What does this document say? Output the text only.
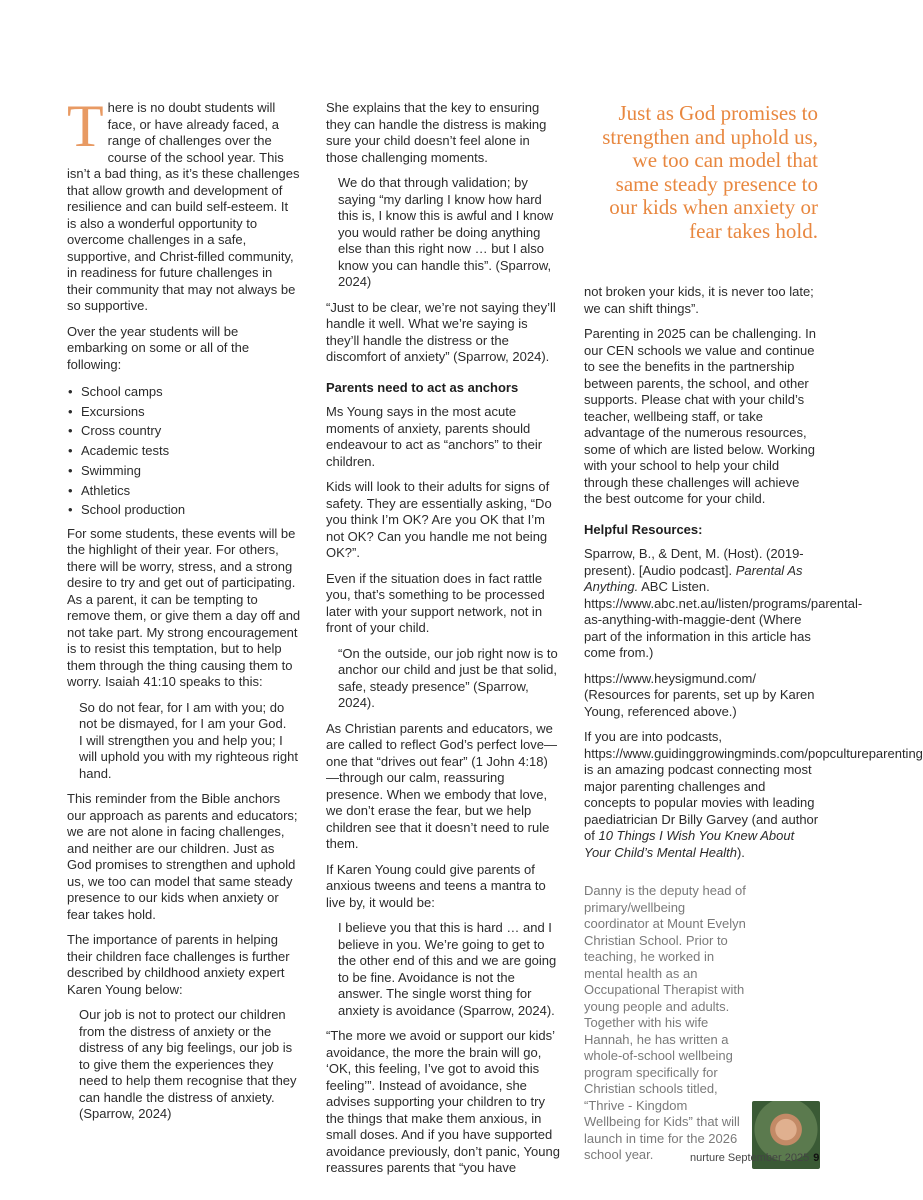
There is no doubt students will face, or have already faced, a range of challenges over the course of the school year. This isn’t a bad thing, as it’s these challenges that allow growth and development of resilience and can build self-esteem. It is also a wonderful opportunity to overcome challenges in a safe, supportive, and Christ-filled community, in readiness for future challenges in their community that may not always be so supportive.

Over the year students will be embarking on some or all of the following:

• School camps
• Excursions
• Cross country
• Academic tests
• Swimming
• Athletics
• School production

For some students, these events will be the highlight of their year. For others, there will be worry, stress, and a strong desire to try and get out of participating. As a parent, it can be tempting to remove them, or give them a day off and not take part. My strong encouragement is to resist this temptation, but to help them through the thing causing them to worry. Isaiah 41:10 speaks to this:

So do not fear, for I am with you; do not be dismayed, for I am your God.
I will strengthen you and help you; I will uphold you with my righteous right hand.

This reminder from the Bible anchors our approach as parents and educators; we are not alone in facing challenges, and neither are our children. Just as God promises to strengthen and uphold us, we too can model that same steady presence to our kids when anxiety or fear takes hold.

The importance of parents in helping their children face challenges is further described by childhood anxiety expert Karen Young below:

Our job is not to protect our children from the distress of anxiety or the distress of any big feelings, our job is to give them the experiences they need to help them recognise that they can handle the distress of anxiety. (Sparrow, 2024)

She explains that the key to ensuring they can handle the distress is making sure your child doesn’t feel alone in those challenging moments.

We do that through validation; by saying “my darling I know how hard this is, I know this is awful and I know you would rather be doing anything else than this right now … but I also know you can handle this”. (Sparrow, 2024)

“Just to be clear, we’re not saying they’ll handle it well. What we’re saying is they’ll handle the distress or the discomfort of anxiety” (Sparrow, 2024).

Parents need to act as anchors

Ms Young says in the most acute moments of anxiety, parents should endeavour to act as “anchors” to their children.

Kids will look to their adults for signs of safety. They are essentially asking, “Do you think I’m OK? Are you OK that I’m not OK? Can you handle me not being OK?”.

Even if the situation does in fact rattle you, that’s something to be processed later with your support network, not in front of your child.

“On the outside, our job right now is to anchor our child and just be that solid, safe, steady presence” (Sparrow, 2024).

As Christian parents and educators, we are called to reflect God’s perfect love—one that “drives out fear” (1 John 4:18)—through our calm, reassuring presence. When we embody that love, we don’t erase the fear, but we help children see that it doesn’t need to rule them.

If Karen Young could give parents of anxious tweens and teens a mantra to live by, it would be:

I believe you that this is hard … and I believe in you. We’re going to get to the other end of this and we are going to be fine. Avoidance is not the answer. The single worst thing for anxiety is avoidance (Sparrow, 2024).

“The more we avoid or support our kids’ avoidance, the more the brain will go, ‘OK, this feeling, I’ve got to avoid this feeling’”. Instead of avoidance, she advises supporting your children to try the things that make them anxious, in small doses. And if you have supported avoidance previously, don’t panic, Young reassures parents that “you have

Just as God promises to strengthen and uphold us, we too can model that same steady presence to our kids when anxiety or fear takes hold.

not broken your kids, it is never too late; we can shift things”.

Parenting in 2025 can be challenging. In our CEN schools we value and continue to see the benefits in the partnership between parents, the school, and other supports. Please chat with your child’s teacher, wellbeing staff, or take advantage of the numerous resources, some of which are listed below. Working with your school to help your child through these challenges will achieve the best outcome for your child.

Helpful Resources:

Sparrow, B., & Dent, M. (Host). (2019-present). [Audio podcast]. Parental As Anything. ABC Listen. https://www.abc.net.au/listen/programs/parental-as-anything-with-maggie-dent (Where part of the information in this article has come from.)

https://www.heysigmund.com/ (Resources for parents, set up by Karen Young, referenced above.)

If you are into podcasts, https://www.guidinggrowingminds.com/popcultureparenting is an amazing podcast connecting most major parenting challenges and concepts to popular movies with leading paediatrician Dr Billy Garvey (and author of 10 Things I Wish You Knew About Your Child’s Mental Health).

Danny is the deputy head of primary/wellbeing coordinator at Mount Evelyn Christian School. Prior to teaching, he worked in mental health as an Occupational Therapist with young people and adults. Together with his wife Hannah, he has written a whole-of-school wellbeing program specifically for Christian schools titled, “Thrive - Kingdom Wellbeing for Kids” that will launch in time for the 2026 school year.	nurture September 2025 9
